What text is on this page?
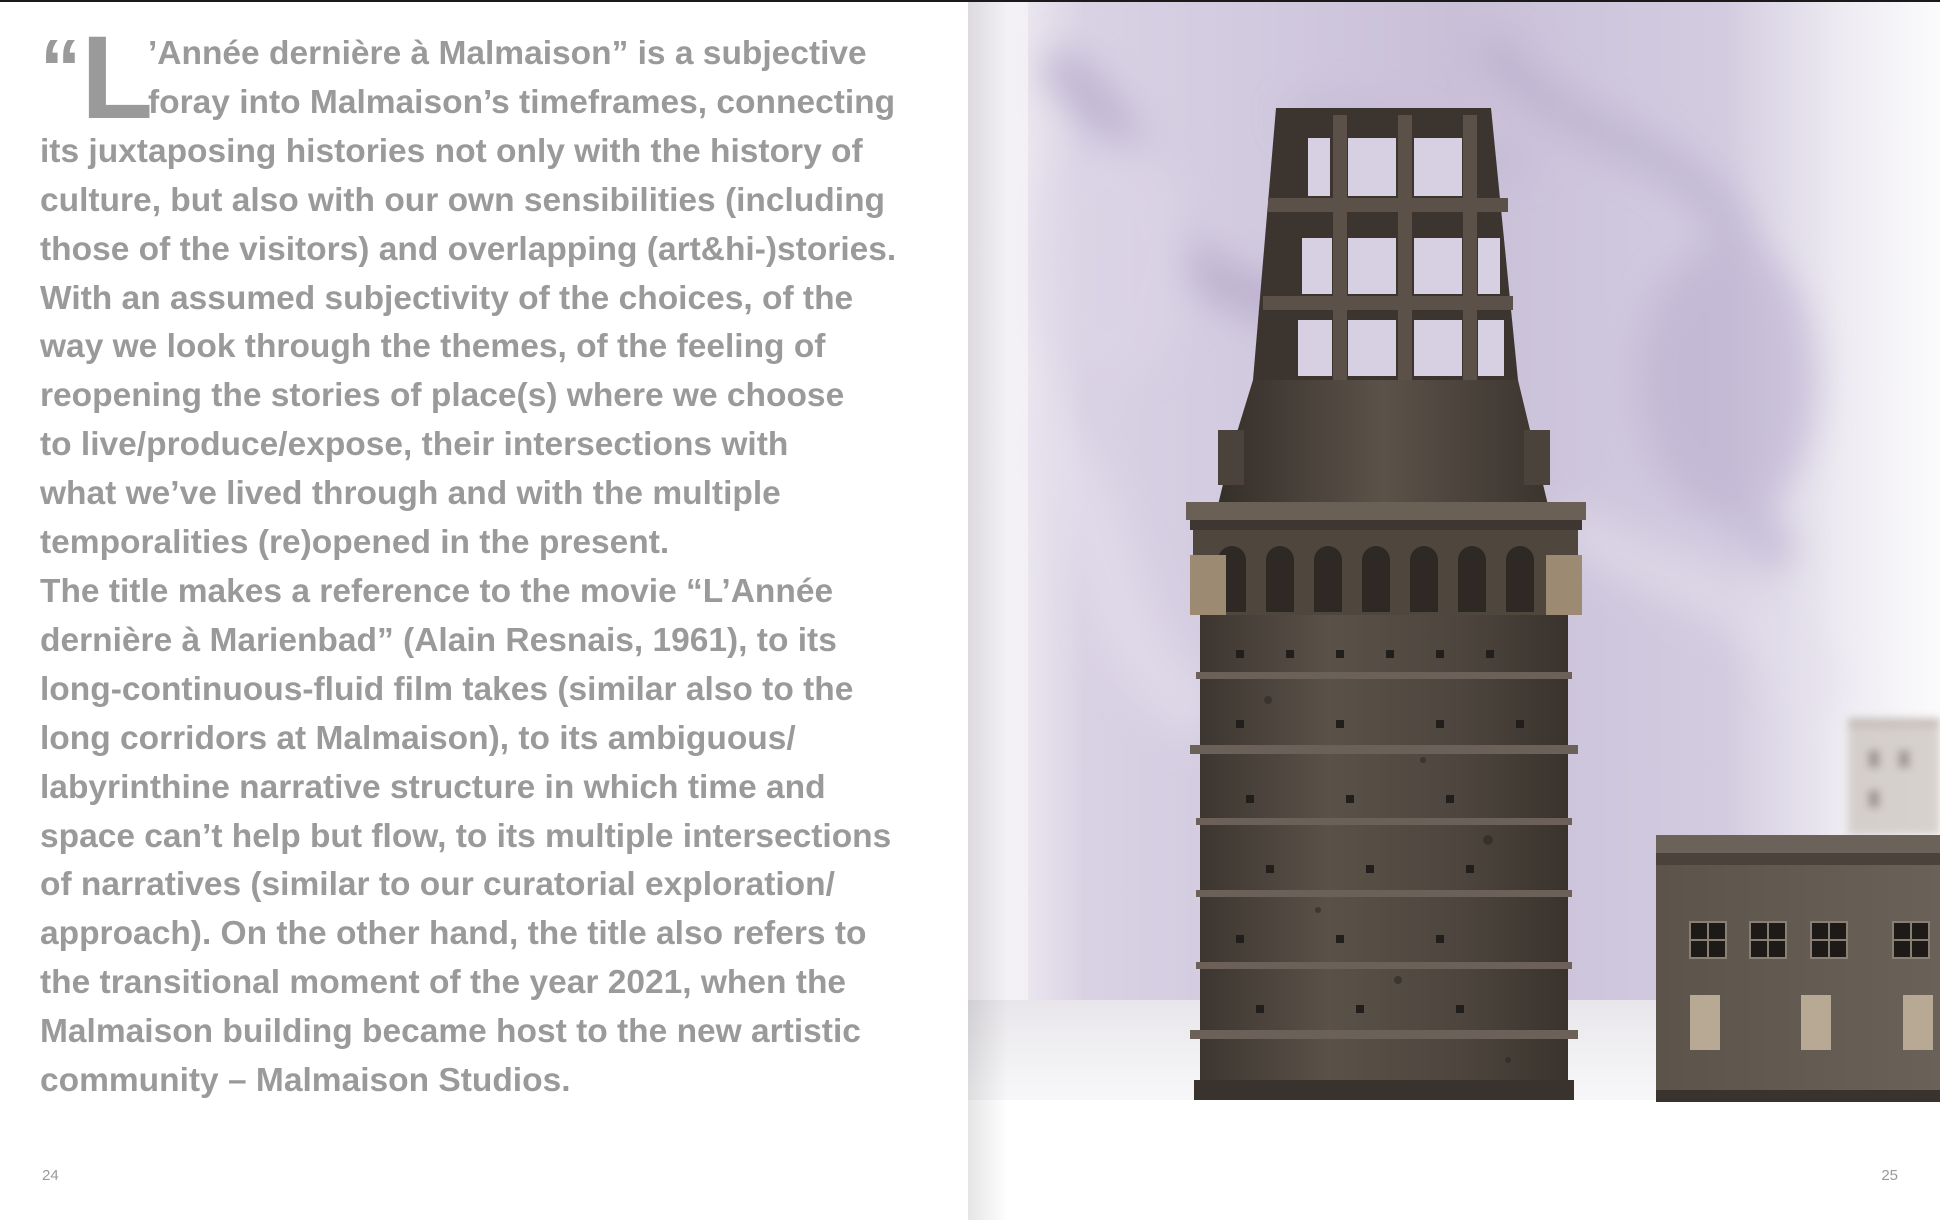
“L
’Année dernière à Malmaison” is a subjective
foray into Malmaison’s timeframes, connecting
its juxtaposing histories not only with the history of
culture, but also with our own sensibilities (including
those of the visitors) and overlapping (art&hi-)stories.
With an assumed subjectivity of the choices, of the
way we look through the themes, of the feeling of
reopening the stories of place(s) where we choose
to live/produce/expose, their intersections with
what we’ve lived through and with the multiple
temporalities (re)opened in the present.
The title makes a reference to the movie “L’Année
dernière à Marienbad” (Alain Resnais, 1961), to its
long-continuous-fluid film takes (similar also to the
long corridors at Malmaison), to its ambiguous/
labyrinthine narrative structure in which time and
space can’t help but flow, to its multiple intersections
of narratives (similar to our curatorial exploration/
approach). On the other hand, the title also refers to
the transitional moment of the year 2021, when the
Malmaison building became host to the new artistic
community – Malmaison Studios.
24	25
